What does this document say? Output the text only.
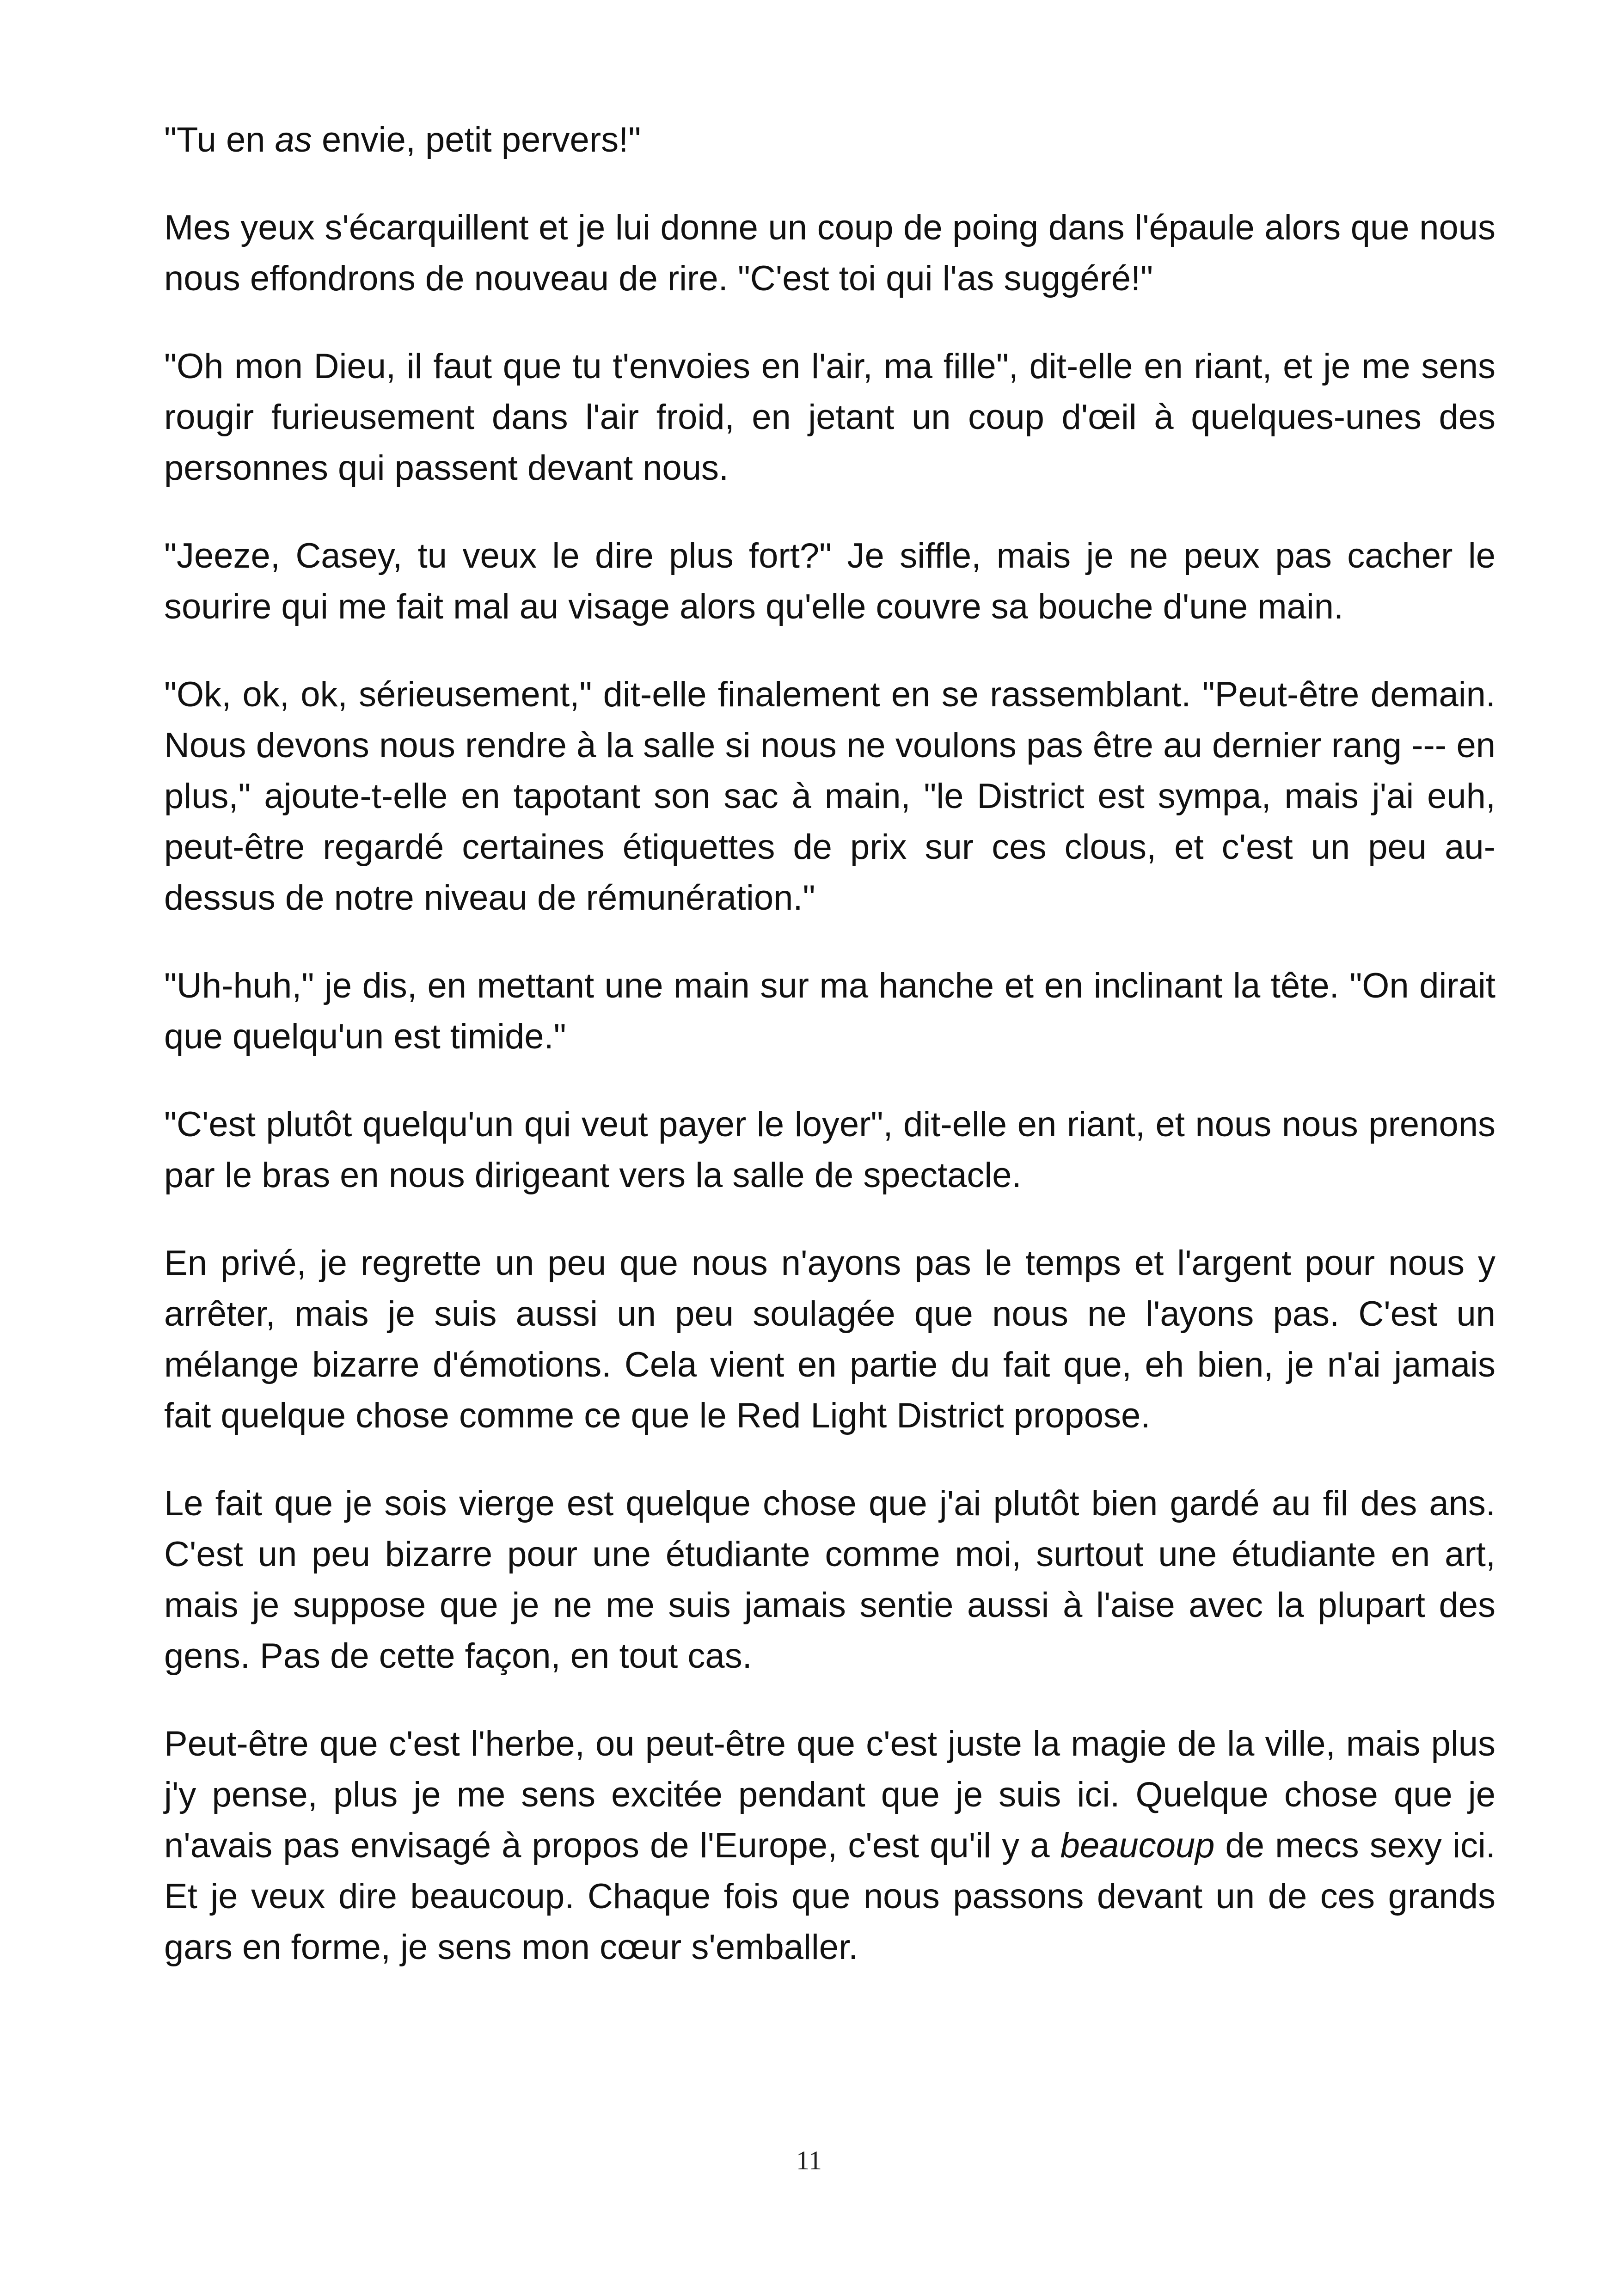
"Tu en as envie, petit pervers!"

Mes yeux s'écarquillent et je lui donne un coup de poing dans l'épaule alors que nous nous effondrons de nouveau de rire. "C'est toi qui l'as suggéré!"

"Oh mon Dieu, il faut que tu t'envoies en l'air, ma fille", dit-elle en riant, et je me sens rougir furieusement dans l'air froid, en jetant un coup d'œil à quelques-unes des personnes qui passent devant nous.

"Jeeze, Casey, tu veux le dire plus fort?" Je siffle, mais je ne peux pas cacher le sourire qui me fait mal au visage alors qu'elle couvre sa bouche d'une main.

"Ok, ok, ok, sérieusement," dit-elle finalement en se rassemblant. "Peut-être demain. Nous devons nous rendre à la salle si nous ne voulons pas être au dernier rang --- en plus," ajoute-t-elle en tapotant son sac à main, "le District est sympa, mais j'ai euh, peut-être regardé certaines étiquettes de prix sur ces clous, et c'est un peu au-dessus de notre niveau de rémunération."

"Uh-huh," je dis, en mettant une main sur ma hanche et en inclinant la tête. "On dirait que quelqu'un est timide."

"C'est plutôt quelqu'un qui veut payer le loyer", dit-elle en riant, et nous nous prenons par le bras en nous dirigeant vers la salle de spectacle.

En privé, je regrette un peu que nous n'ayons pas le temps et l'argent pour nous y arrêter, mais je suis aussi un peu soulagée que nous ne l'ayons pas. C'est un mélange bizarre d'émotions. Cela vient en partie du fait que, eh bien, je n'ai jamais fait quelque chose comme ce que le Red Light District propose.

Le fait que je sois vierge est quelque chose que j'ai plutôt bien gardé au fil des ans. C'est un peu bizarre pour une étudiante comme moi, surtout une étudiante en art, mais je suppose que je ne me suis jamais sentie aussi à l'aise avec la plupart des gens. Pas de cette façon, en tout cas.

Peut-être que c'est l'herbe, ou peut-être que c'est juste la magie de la ville, mais plus j'y pense, plus je me sens excitée pendant que je suis ici. Quelque chose que je n'avais pas envisagé à propos de l'Europe, c'est qu'il y a beaucoup de mecs sexy ici. Et je veux dire beaucoup. Chaque fois que nous passons devant un de ces grands gars en forme, je sens mon cœur s'emballer.

11
